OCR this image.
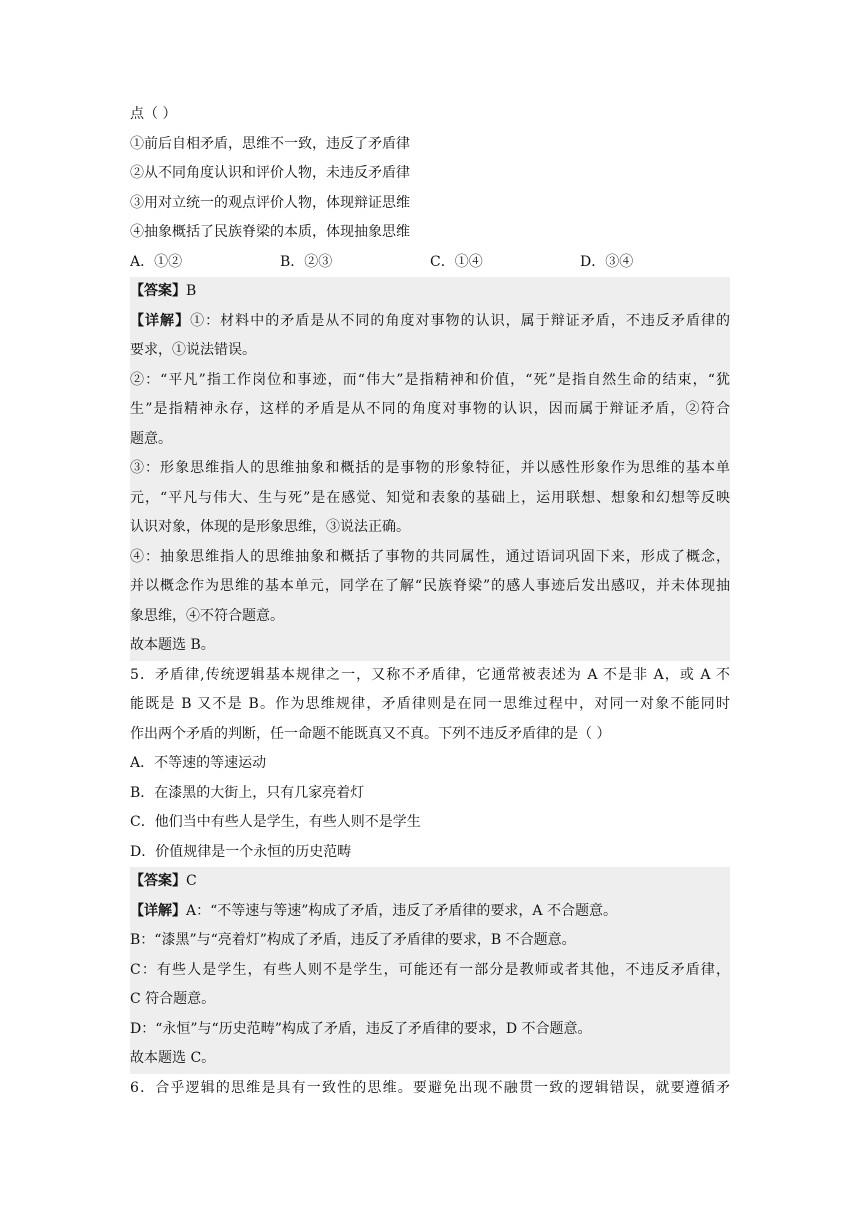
点（ ）
①前后自相矛盾，思维不一致，违反了矛盾律
②从不同角度认识和评价人物，未违反矛盾律
③用对立统一的观点评价人物，体现辩证思维
④抽象概括了民族脊梁的本质，体现抽象思维
A．①②	B．②③	C．①④	D．③④
【答案】B
【详解】①：材料中的矛盾是从不同的角度对事物的认识，属于辩证矛盾，不违反矛盾律的
要求，①说法错误。
②：“平凡”指工作岗位和事迹，而“伟大”是指精神和价值，“死”是指自然生命的结束，“犹
生”是指精神永存，这样的矛盾是从不同的角度对事物的认识，因而属于辩证矛盾，②符合
题意。
③：形象思维指人的思维抽象和概括的是事物的形象特征，并以感性形象作为思维的基本单
元，“平凡与伟大、生与死”是在感觉、知觉和表象的基础上，运用联想、想象和幻想等反映
认识对象，体现的是形象思维，③说法正确。
④：抽象思维指人的思维抽象和概括了事物的共同属性，通过语词巩固下来，形成了概念，
并以概念作为思维的基本单元，同学在了解“民族脊梁”的感人事迹后发出感叹，并未体现抽
象思维，④不符合题意。
故本题选 B。
5．矛盾律,传统逻辑基本规律之一，又称不矛盾律，它通常被表述为 A 不是非 A，或 A 不
能既是 B 又不是 B。作为思维规律，矛盾律则是在同一思维过程中，对同一对象不能同时
作出两个矛盾的判断，任一命题不能既真又不真。下列不违反矛盾律的是（ ）
A．不等速的等速运动
B．在漆黑的大街上，只有几家亮着灯
C．他们当中有些人是学生，有些人则不是学生
D．价值规律是一个永恒的历史范畴
【答案】C
【详解】A：“不等速与等速”构成了矛盾，违反了矛盾律的要求，A 不合题意。
B：“漆黑”与“亮着灯”构成了矛盾，违反了矛盾律的要求，B 不合题意。
C：有些人是学生，有些人则不是学生，可能还有一部分是教师或者其他，不违反矛盾律，
C 符合题意。
D：“永恒”与“历史范畴”构成了矛盾，违反了矛盾律的要求，D 不合题意。
故本题选 C。
6．合乎逻辑的思维是具有一致性的思维。要避免出现不融贯一致的逻辑错误，就要遵循矛
